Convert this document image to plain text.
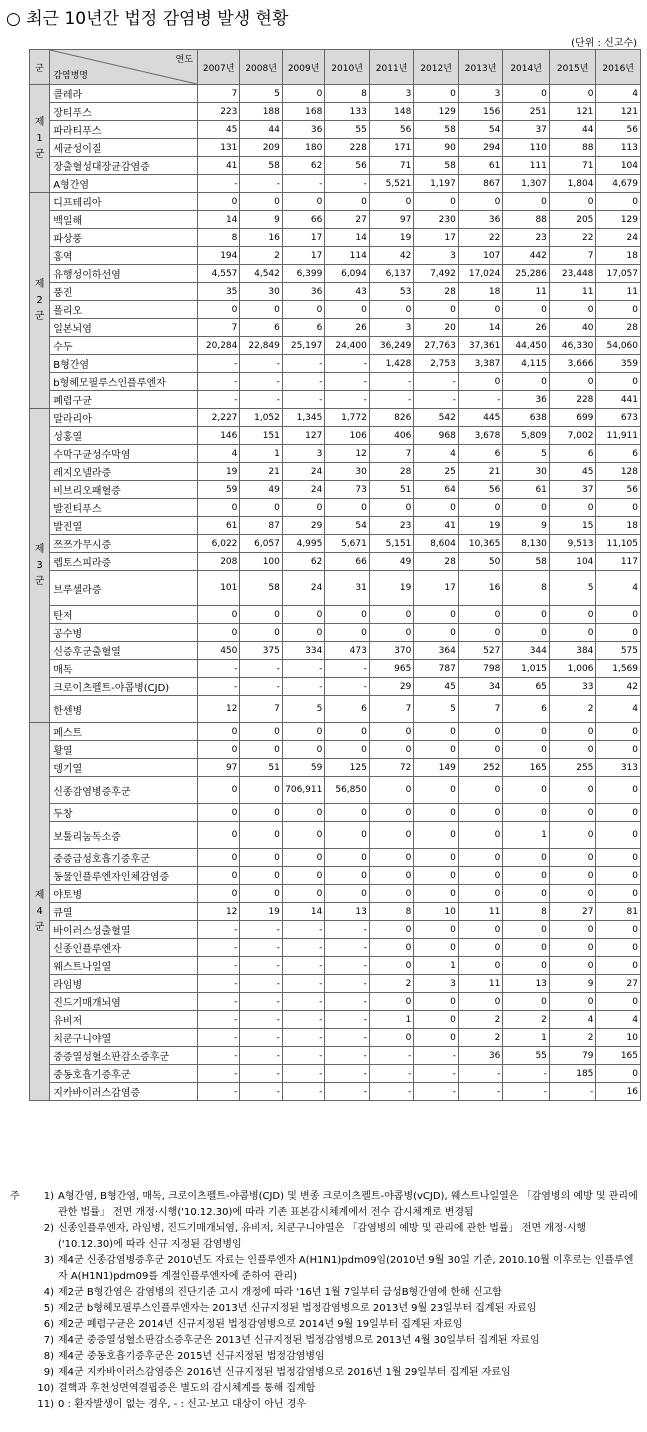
○ 최근 10년간 법정 감염병 발생 현황
(단위 : 신고수)
군	연도
감염병명	2007년	2008년	2009년	2010년	2011년	2012년	2013년	2014년	2015년	2016년
제
1
군	콜레라	7	5	0	8	3	0	3	0	0	4
	장티푸스	223	188	168	133	148	129	156	251	121	121
	파라티푸스	45	44	36	55	56	58	54	37	44	56
	세균성이질	131	209	180	228	171	90	294	110	88	113
	장출혈성대장균감염증	41	58	62	56	71	58	61	111	71	104
	A형간염	-	-	-	-	5,521	1,197	867	1,307	1,804	4,679
제
2
군	디프테리아	0	0	0	0	0	0	0	0	0	0
	백일해	14	9	66	27	97	230	36	88	205	129
	파상풍	8	16	17	14	19	17	22	23	22	24
	홍역	194	2	17	114	42	3	107	442	7	18
	유행성이하선염	4,557	4,542	6,399	6,094	6,137	7,492	17,024	25,286	23,448	17,057
	풍진	35	30	36	43	53	28	18	11	11	11
	폴리오	0	0	0	0	0	0	0	0	0	0
	일본뇌염	7	6	6	26	3	20	14	26	40	28
	수두	20,284	22,849	25,197	24,400	36,249	27,763	37,361	44,450	46,330	54,060
	B형간염	-	-	-	-	1,428	2,753	3,387	4,115	3,666	359
	b형헤모필루스인플루엔자	-	-	-	-	-	-	0	0	0	0
	폐렴구균	-	-	-	-	-	-	-	36	228	441
제
3
군	말라리아	2,227	1,052	1,345	1,772	826	542	445	638	699	673
	성홍열	146	151	127	106	406	968	3,678	5,809	7,002	11,911
	수막구균성수막염	4	1	3	12	7	4	6	5	6	6
	레지오넬라증	19	21	24	30	28	25	21	30	45	128
	비브리오패혈증	59	49	24	73	51	64	56	61	37	56
	발진티푸스	0	0	0	0	0	0	0	0	0	0
	발진열	61	87	29	54	23	41	19	9	15	18
	쯔쯔가무시증	6,022	6,057	4,995	5,671	5,151	8,604	10,365	8,130	9,513	11,105
	렙토스피라증	208	100	62	66	49	28	50	58	104	117
	브루셀라증	101	58	24	31	19	17	16	8	5	4
	탄저	0	0	0	0	0	0	0	0	0	0
	공수병	0	0	0	0	0	0	0	0	0	0
	신증후군출혈열	450	375	334	473	370	364	527	344	384	575
	매독	-	-	-	-	965	787	798	1,015	1,006	1,569
	크로이츠펠트-야콥병(CJD)	-	-	-	-	29	45	34	65	33	42
	한센병	12	7	5	6	7	5	7	6	2	4
제
4
군	페스트	0	0	0	0	0	0	0	0	0	0
	황열	0	0	0	0	0	0	0	0	0	0
	뎅기열	97	51	59	125	72	149	252	165	255	313
	신종감염병증후군	0	0	706,911	56,850	0	0	0	0	0	0
	두창	0	0	0	0	0	0	0	0	0	0
	보툴리눔독소증	0	0	0	0	0	0	0	1	0	0
	중증급성호흡기증후군	0	0	0	0	0	0	0	0	0	0
	동물인플루엔자인체감염증	0	0	0	0	0	0	0	0	0	0
	야토병	0	0	0	0	0	0	0	0	0	0
	큐열	12	19	14	13	8	10	11	8	27	81
	바이러스성출혈열	-	-	-	-	0	0	0	0	0	0
	신종인플루엔자	-	-	-	-	0	0	0	0	0	0
	웨스트나일열	-	-	-	-	0	1	0	0	0	0
	라임병	-	-	-	-	2	3	11	13	9	27
	진드기매개뇌염	-	-	-	-	0	0	0	0	0	0
	유비저	-	-	-	-	1	0	2	2	4	4
	치쿤구니야열	-	-	-	-	0	0	2	1	2	10
	중증열성혈소판감소증후군	-	-	-	-	-	-	36	55	79	165
	중동호흡기증후군	-	-	-	-	-	-	-	-	185	0
	지카바이러스감염증	-	-	-	-	-	-	-	-	-	16
주	1) A형간염, B형간염, 매독, 크로이츠펠트-야콥병(CJD) 및 변종 크로이츠펠트-야콥병(vCJD), 웨스트나일열은 「감염병의 예방 및 관리에 관한 법률」 전면 개정·시행('10.12.30)에 따라 기존 표본감시체계에서 전수 감시체계로 변경됨
2) 신종인플루엔자, 라임병, 진드기매개뇌염, 유비저, 치쿤구니야열은 「감염병의 예방 및 관리에 관한 법률」 전면 개정·시행('10.12.30)에 따라 신규 지정된 감염병임
3) 제4군 신종감염병증후군 2010년도 자료는 인플루엔자 A(H1N1)pdm09임(2010년 9월 30일 기준, 2010.10월 이후로는 인플루엔자 A(H1N1)pdm09를 계절인플루엔자에 준하여 관리)
4) 제2군 B형간염은 감염병의 진단기준 고시 개정에 따라 '16년 1월 7일부터 급성B형간염에 한해 신고함
5) 제2군 b형헤모필루스인플루엔자는 2013년 신규지정된 법정감염병으로 2013년 9월 23일부터 집계된 자료임
6) 제2군 폐렴구균은 2014년 신규지정된 법정감염병으로 2014년 9월 19일부터 집계된 자료임
7) 제4군 중증열성혈소판감소증후군은 2013년 신규지정된 법정감염병으로 2013년 4월 30일부터 집계된 자료임
8) 제4군 중동호흡기증후군은 2015년 신규지정된 법정감염병임
9) 제4군 지카바이러스감염증은 2016년 신규지정된 법정감염병으로 2016년 1월 29일부터 집계된 자료임
10) 결핵과 후천성면역결핍증은 별도의 감시체계를 통해 집계함
11) 0 : 환자발생이 없는 경우, - : 신고·보고 대상이 아닌 경우
